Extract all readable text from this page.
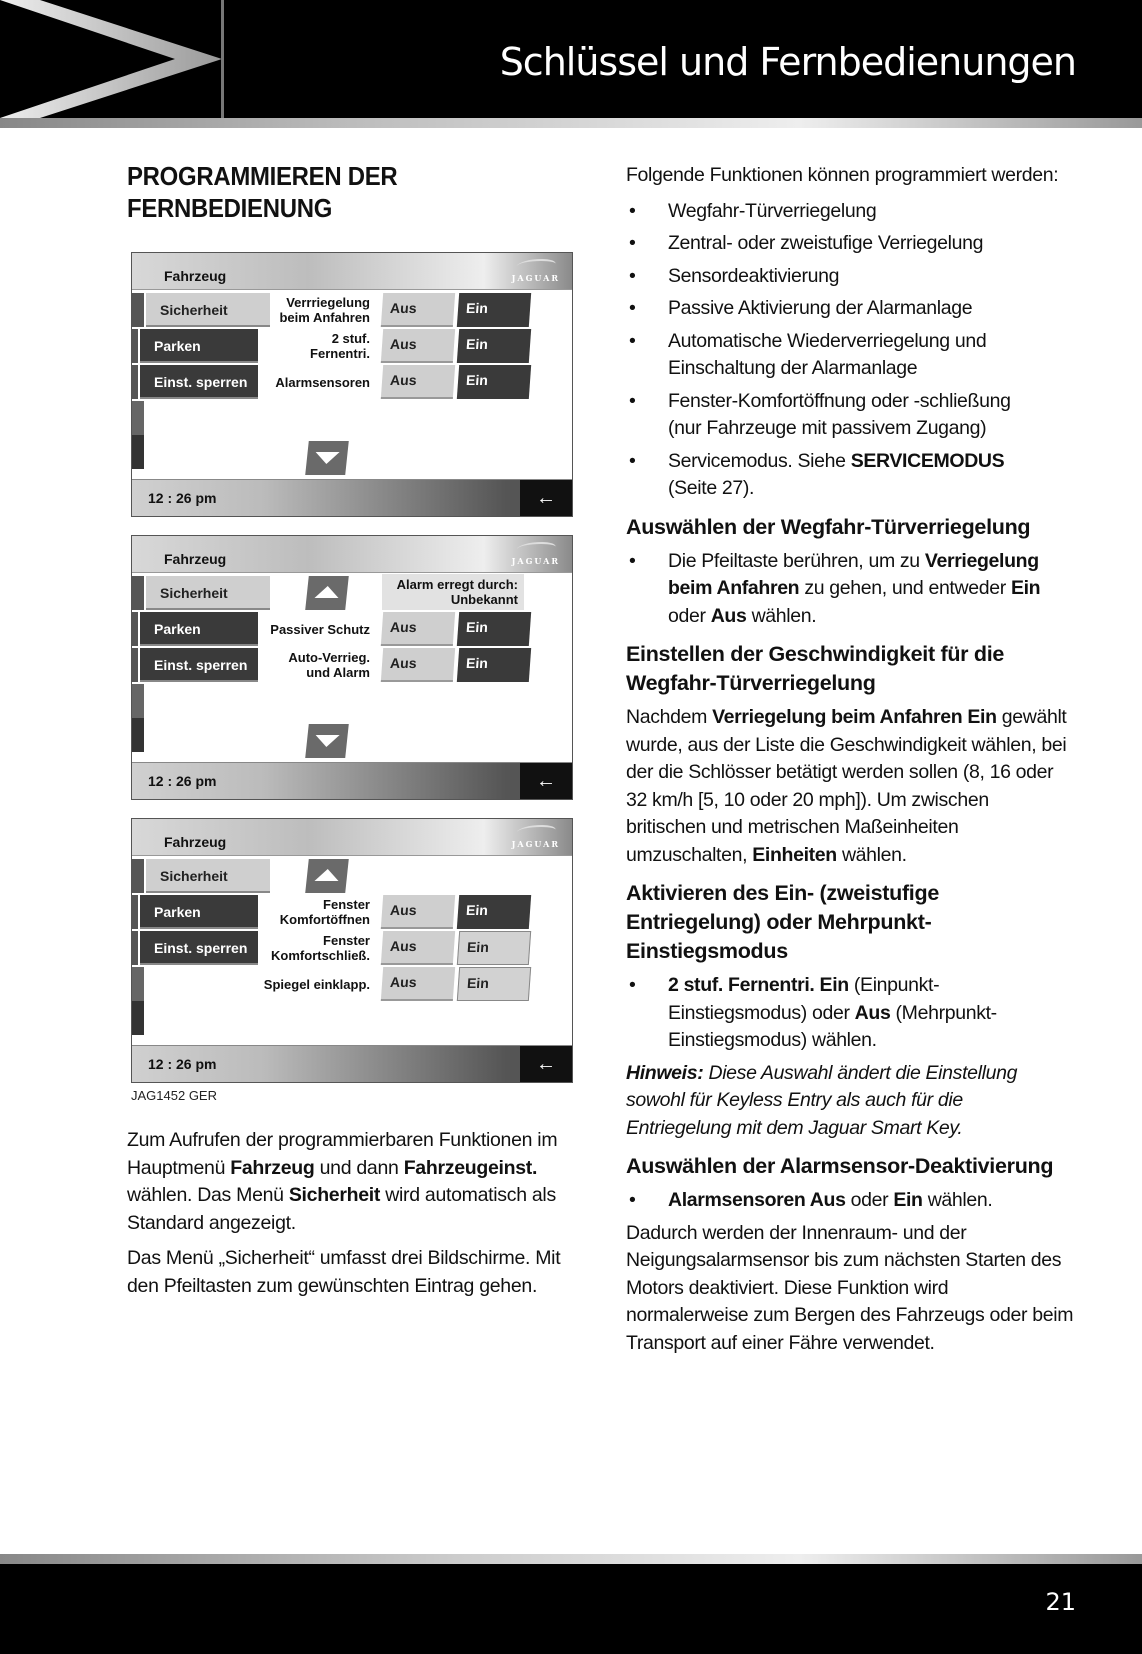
Schlüssel und Fernbedienungen
PROGRAMMIEREN DER
FERNBEDIENUNG
Fahrzeug	JAGUAR
Sicherheit
Parken
Einst. sperren
Verrriegelung
beim Anfahren
Aus	Ein
2 stuf.
Fernentri.
Aus	Ein
Alarmsensoren	Aus	Ein
12 : 26 pm	←
Fahrzeug	JAGUAR
Sicherheit
Parken
Einst. sperren
Passiver Schutz	Aus	Ein
Auto-Verrieg.
und Alarm
Aus	Ein
Alarm erregt durch:
Unbekannt
12 : 26 pm	←
Fahrzeug	JAGUAR
Sicherheit
Parken
Einst. sperren
Fenster
Komfortöffnen
Aus	Ein
Fenster
Komfortschließ.
Aus	Ein
Spiegel einklapp.	Aus	Ein
12 : 26 pm	←
JAG1452 GER

Zum Aufrufen der programmierbaren Funktionen im
Hauptmenü Fahrzeug und dann Fahrzeugeinst.
wählen. Das Menü Sicherheit wird automatisch als
Standard angezeigt.

Das Menü „Sicherheit“ umfasst drei Bildschirme. Mit
den Pfeiltasten zum gewünschten Eintrag gehen.

Folgende Funktionen können programmiert werden:

• Wegfahr-Türverriegelung
• Zentral- oder zweistufige Verriegelung
• Sensordeaktivierung
• Passive Aktivierung der Alarmanlage
• Automatische Wiederverriegelung und
Einschaltung der Alarmanlage
• Fenster-Komfortöffnung oder -schließung
(nur Fahrzeuge mit passivem Zugang)
• Servicemodus. Siehe SERVICEMODUS
(Seite 27).
Auswählen der Wegfahr-Türverriegelung
• Die Pfeiltaste berühren, um zu Verriegelung
beim Anfahren zu gehen, und entweder Ein
oder Aus wählen.
Einstellen der Geschwindigkeit für die
Wegfahr-Türverriegelung

Nachdem Verriegelung beim Anfahren Ein gewählt
wurde, aus der Liste die Geschwindigkeit wählen, bei
der die Schlösser betätigt werden sollen (8, 16 oder
32 km/h [5, 10 oder 20 mph]). Um zwischen
britischen und metrischen Maßeinheiten
umzuschalten, Einheiten wählen.

Aktivieren des Ein- (zweistufige
Entriegelung) oder Mehrpunkt-
Einstiegsmodus
• 2 stuf. Fernentri. Ein (Einpunkt-
Einstiegsmodus) oder Aus (Mehrpunkt-
Einstiegsmodus) wählen.

Hinweis: Diese Auswahl ändert die Einstellung
sowohl für Keyless Entry als auch für die
Entriegelung mit dem Jaguar Smart Key.

Auswählen der Alarmsensor-Deaktivierung
• Alarmsensoren Aus oder Ein wählen.

Dadurch werden der Innenraum- und der
Neigungsalarmsensor bis zum nächsten Starten des
Motors deaktiviert. Diese Funktion wird
normalerweise zum Bergen des Fahrzeugs oder beim
Transport auf einer Fähre verwendet.

21
